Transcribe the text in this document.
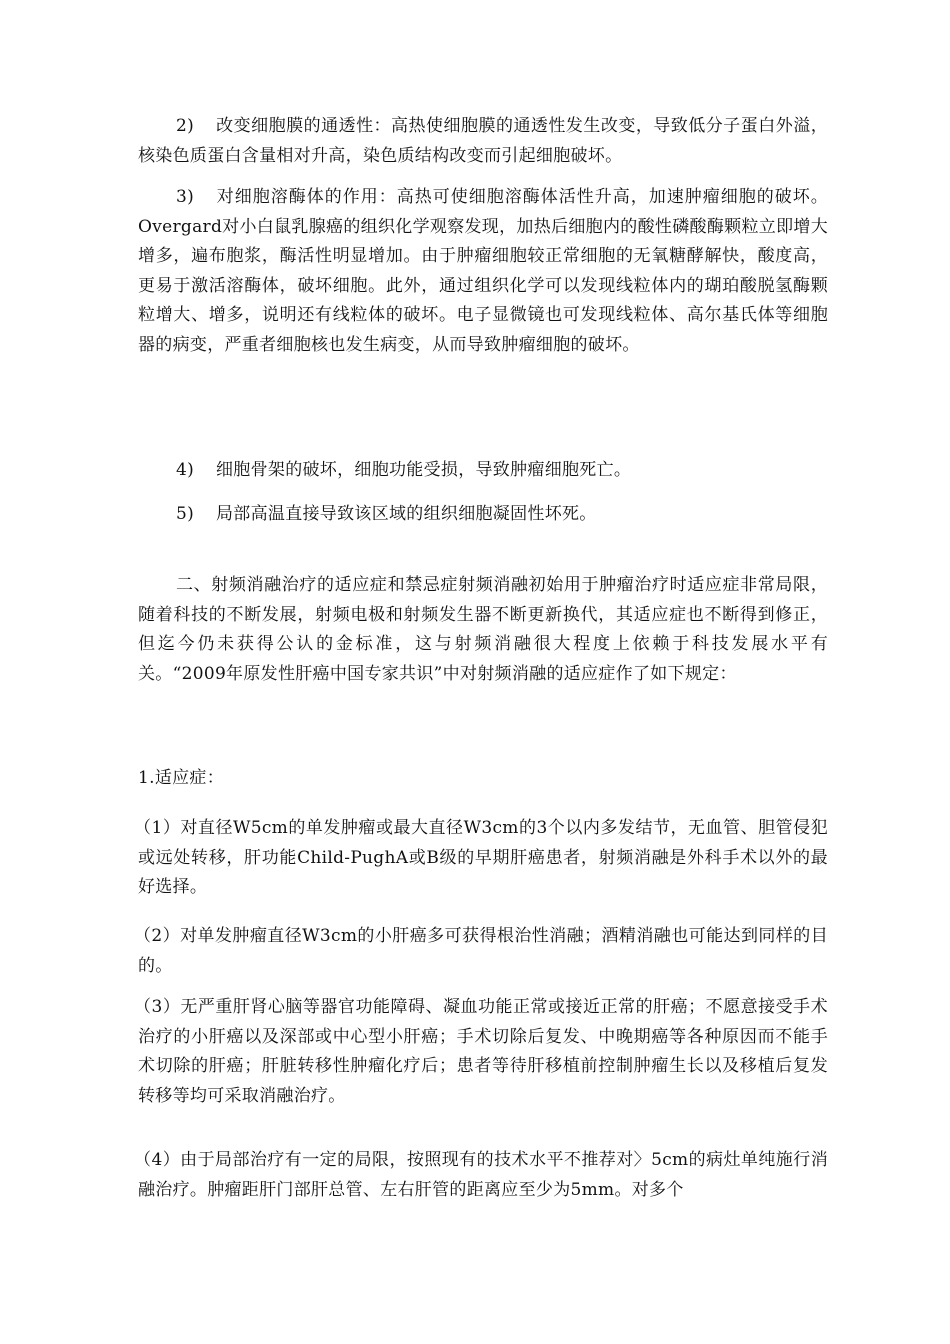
2) 改变细胞膜的通透性：高热使细胞膜的通透性发生改变，导致低分子蛋白外溢，核染色质蛋白含量相对升高，染色质结构改变而引起细胞破坏。

3) 对细胞溶酶体的作用：高热可使细胞溶酶体活性升高，加速肿瘤细胞的破坏。Overgard对小白鼠乳腺癌的组织化学观察发现，加热后细胞内的酸性磷酸酶颗粒立即增大增多，遍布胞浆，酶活性明显增加。由于肿瘤细胞较正常细胞的无氧糖酵解快，酸度高，更易于激活溶酶体，破坏细胞。此外，通过组织化学可以发现线粒体内的瑚珀酸脱氢酶颗粒增大、增多，说明还有线粒体的破坏。电子显微镜也可发现线粒体、高尔基氏体等细胞器的病变，严重者细胞核也发生病变，从而导致肿瘤细胞的破坏。

4) 细胞骨架的破坏，细胞功能受损，导致肿瘤细胞死亡。

5) 局部高温直接导致该区域的组织细胞凝固性坏死。

二、射频消融治疗的适应症和禁忌症射频消融初始用于肿瘤治疗时适应症非常局限，随着科技的不断发展，射频电极和射频发生器不断更新换代，其适应症也不断得到修正，但迄今仍未获得公认的金标准，这与射频消融很大程度上依赖于科技发展水平有关。“2009年原发性肝癌中国专家共识”中对射频消融的适应症作了如下规定：

1.适应症：

（1）对直径W5cm的单发肿瘤或最大直径W3cm的3个以内多发结节，无血管、胆管侵犯或远处转移，肝功能Child-PughA或B级的早期肝癌患者，射频消融是外科手术以外的最好选择。

（2）对单发肿瘤直径W3cm的小肝癌多可获得根治性消融；酒精消融也可能达到同样的目的。

（3）无严重肝肾心脑等器官功能障碍、凝血功能正常或接近正常的肝癌；不愿意接受手术治疗的小肝癌以及深部或中心型小肝癌；手术切除后复发、中晚期癌等各种原因而不能手术切除的肝癌；肝脏转移性肿瘤化疗后；患者等待肝移植前控制肿瘤生长以及移植后复发转移等均可采取消融治疗。

（4）由于局部治疗有一定的局限，按照现有的技术水平不推荐对〉5cm的病灶单纯施行消融治疗。肿瘤距肝门部肝总管、左右肝管的距离应至少为5mm。对多个
